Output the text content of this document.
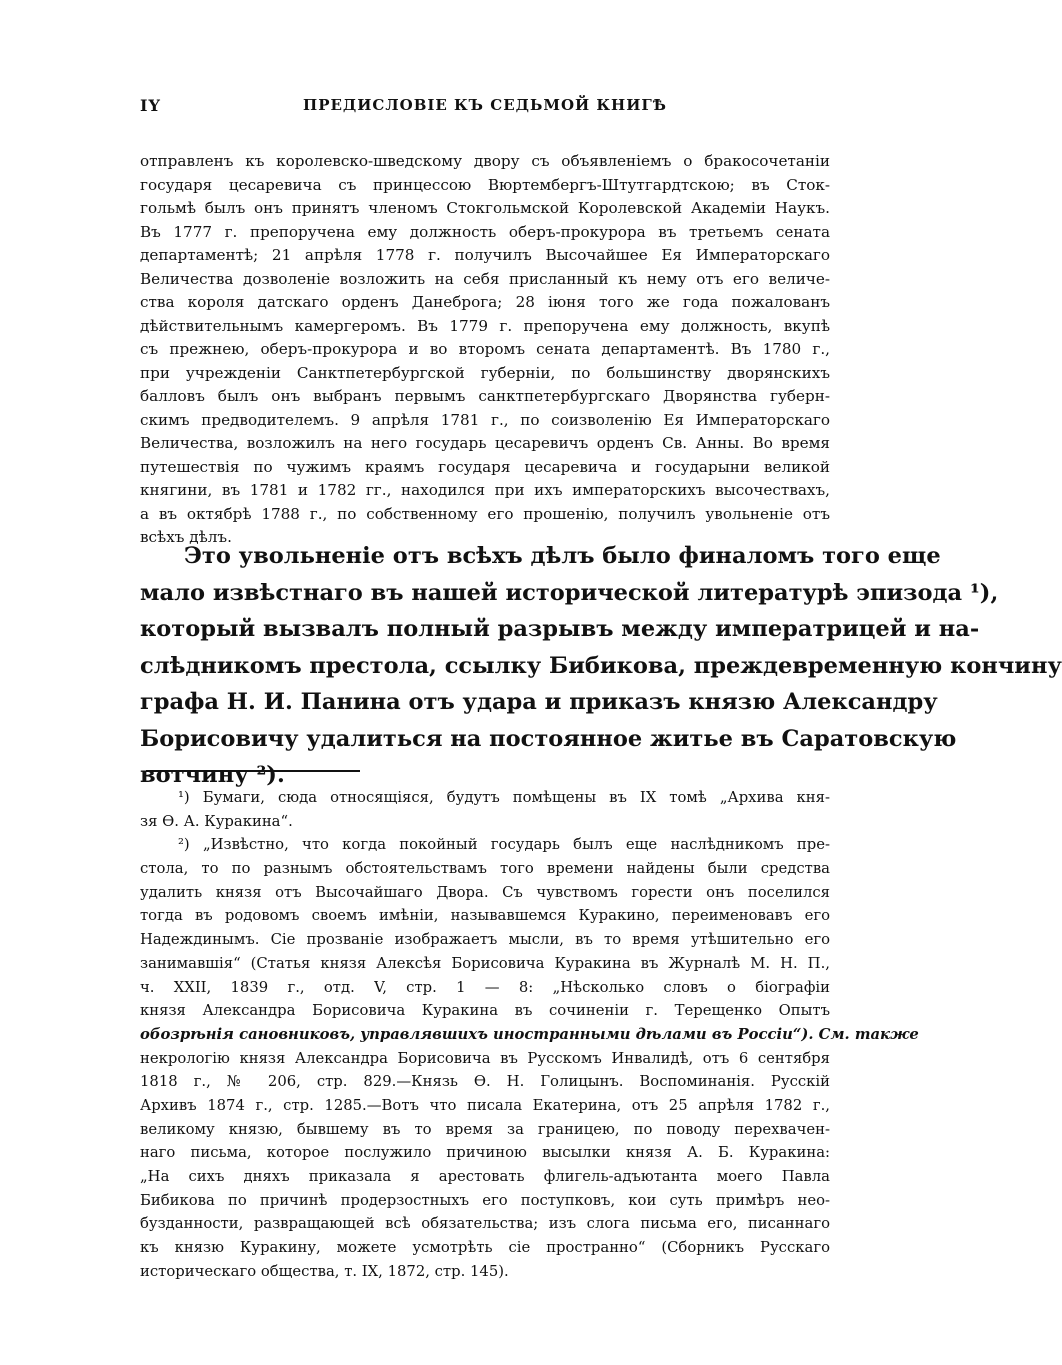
IY	ПРЕДИСЛОВІЕ КЪ СЕДЬМОЙ КНИГѢ
отправленъ къ королевско-шведскому двору съ объявленіемъ о бракосочетаніи
государя цесаревича съ принцессою Вюртембергъ-Штутгардтскою; въ Сток-
гольмѣ былъ онъ принятъ членомъ Стокгольмской Королевской Академіи Наукъ.
Въ 1777 г. препоручена ему должность оберъ-прокурора въ третьемъ сената
департаментѣ; 21 апрѣля 1778 г. получилъ Высочайшее Ея Императорскаго
Величества дозволеніе возложить на себя присланный къ нему отъ его величе-
ства короля датскаго орденъ Данеброга; 28 іюня того же года пожалованъ
дѣйствительнымъ камергеромъ. Въ 1779 г. препоручена ему должность, вкупѣ
съ прежнею, оберъ-прокурора и во второмъ сената департаментѣ. Въ 1780 г.,
при учрежденіи Санктпетербургской губерніи, по большинству дворянскихъ
балловъ былъ онъ выбранъ первымъ санктпетербургскаго Дворянства губерн-
скимъ предводителемъ. 9 апрѣля 1781 г., по соизволенію Ея Императорскаго
Величества, возложилъ на него государь цесаревичъ орденъ Св. Анны. Во время
путешествія по чужимъ краямъ государя цесаревича и государыни великой
княгини, въ 1781 и 1782 гг., находился при ихъ императорскихъ высочествахъ,
а въ октябрѣ 1788 г., по собственному его прошенію, получилъ увольненіе отъ
всѣхъ дѣлъ.
Это увольненіе отъ всѣхъ дѣлъ было финаломъ того еще
мало извѣстнаго въ нашей исторической литературѣ эпизода ¹),
который вызвалъ полный разрывъ между императрицей и на-
слѣдникомъ престола, ссылку Бибикова, преждевременную кончину
графа Н. И. Панина отъ удара и приказъ князю Александру
Борисовичу удалиться на постоянное житье въ Саратовскую
вотчину ²).
¹) Бумаги, сюда относящіяся, будутъ помѣщены въ IX томѣ „Архива кня-
зя Ѳ. А. Куракина“.
²) „Извѣстно, что когда покойный государь былъ еще наслѣдникомъ пре-
стола, то по разнымъ обстоятельствамъ того времени найдены были средства
удалить князя отъ Высочайшаго Двора. Съ чувствомъ горести онъ поселился
тогда въ родовомъ своемъ имѣніи, называвшемся Куракино, переименовавъ его
Надеждинымъ. Сіе прозваніе изображаетъ мысли, въ то время утѣшительно его
занимавшія“ (Статья князя Алексѣя Борисовича Куракина въ Журналѣ М. Н. П.,
ч. XXII, 1839 г., отд. V, стр. 1 — 8: „Нѣсколько словъ о біографіи
князя Александра Борисовича Куракина въ сочиненіи г. Терещенко Опытъ
обозрѣнія сановниковъ, управлявшихъ иностранными дѣлами въ Россіи“). См. также
некрологію князя Александра Борисовича въ Русскомъ Инвалидѣ, отъ 6 сентября
1818 г., № 206, стр. 829.—Князь Ѳ. Н. Голицынъ. Воспоминанія. Русскій
Архивъ 1874 г., стр. 1285.—Вотъ что писала Екатерина, отъ 25 апрѣля 1782 г.,
великому князю, бывшему въ то время за границею, по поводу перехвачен-
наго письма, которое послужило причиною высылки князя А. Б. Куракина:
„На сихъ дняхъ приказала я арестовать флигель-адъютанта моего Павла
Бибикова по причинѣ продерзостныхъ его поступковъ, кои суть примѣръ нео-
бузданности, развращающей всѣ обязательства; изъ слога письма его, писаннаго
къ князю Куракину, можете усмотрѣть сіе пространно“ (Сборникъ Русскаго
историческаго общества, т. IX, 1872, стр. 145).
